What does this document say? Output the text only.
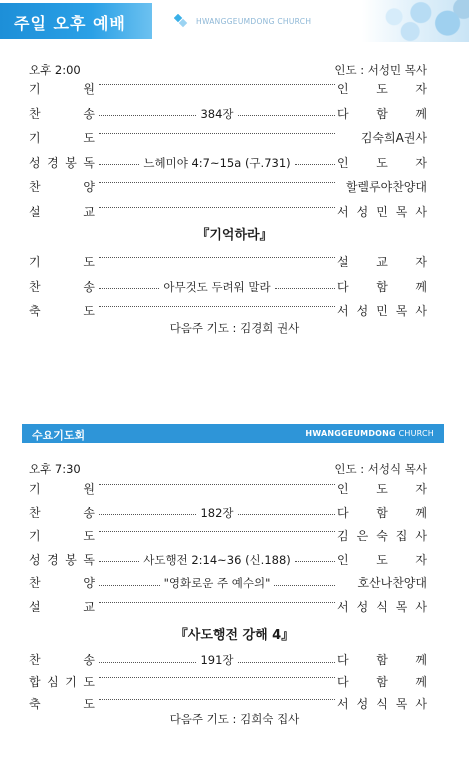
주일 오후 예배	HWANGGEUMDONG CHURCH
오후 2:00	인도 : 서성민 목사
기	원	인 도 자
찬	송	384장	다 함 께
기	도	김숙희A권사
성 경 봉 독	느헤미야 4:7~15a (구.731)	인 도 자
찬	양	할렐루야찬양대
설	교	서 성 민 목 사
『기억하라』
기	도	설 교 자
찬	송	아무것도 두려워 말라	다 함 께
축	도	서 성 민 목 사
다음주 기도 : 김경희 권사
수요기도회	HWANGGEUMDONG CHURCH
오후 7:30	인도 : 서성식 목사
기	원	인 도 자
찬	송	182장	다 함 께
기	도	김 은 숙 집 사
성 경 봉 독	사도행전 2:14~36 (신.188)	인 도 자
찬	양	"영화로운 주 예수의"	호산나찬양대
설	교	서 성 식 목 사
『사도행전 강해 4』
찬	송	191장	다 함 께
합 심 기 도	다 함 께
축	도	서 성 식 목 사
다음주 기도 : 김희숙 집사
